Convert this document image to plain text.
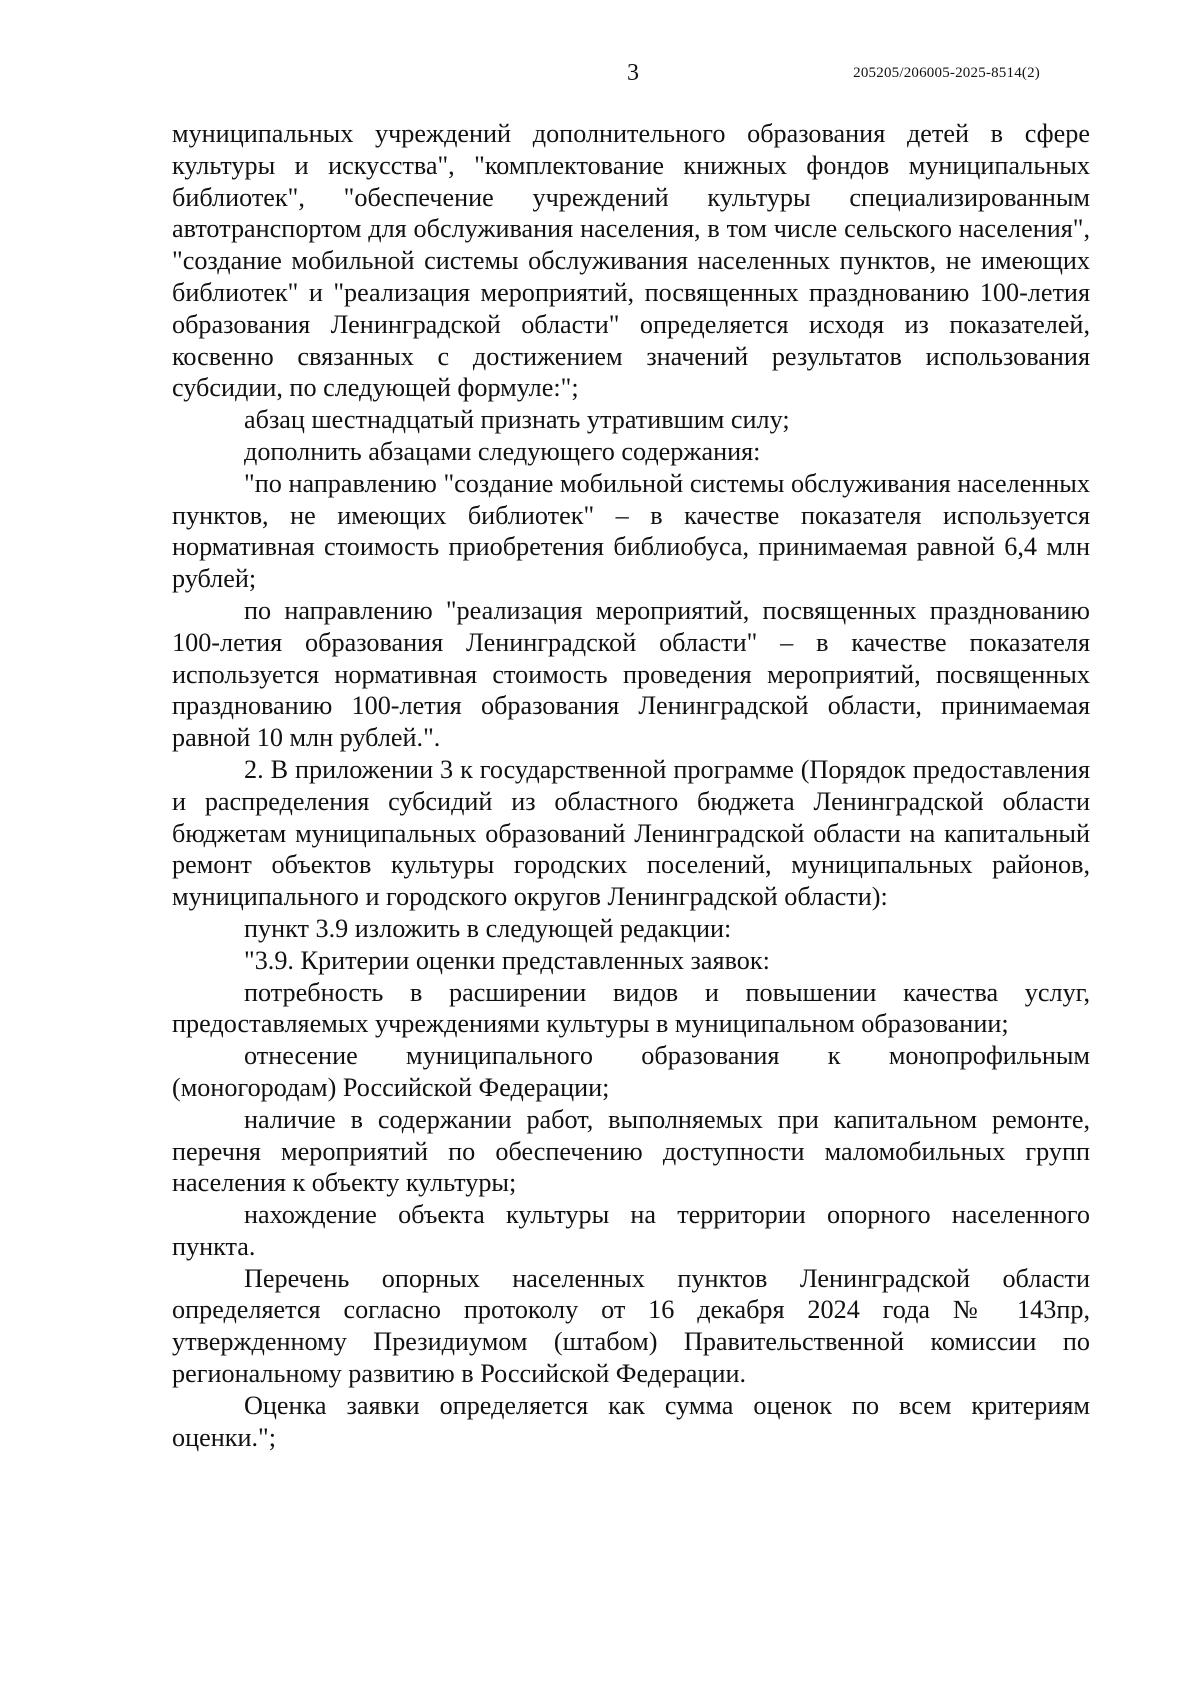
3	205205/206005-2025-8514(2)

муниципальных учреждений дополнительного образования детей в сфере культуры и искусства", "комплектование книжных фондов муниципальных библиотек", "обеспечение учреждений культуры специализированным автотранспортом для обслуживания населения, в том числе сельского населения", "создание мобильной системы обслуживания населенных пунктов, не имеющих библиотек" и "реализация мероприятий, посвященных празднованию 100-летия образования Ленинградской области" определяется исходя из показателей, косвенно связанных с достижением значений результатов использования субсидии, по следующей формуле:";

абзац шестнадцатый признать утратившим силу;

дополнить абзацами следующего содержания:

"по направлению "создание мобильной системы обслуживания населенных пунктов, не имеющих библиотек" – в качестве показателя используется нормативная стоимость приобретения библиобуса, принимаемая равной 6,4 млн рублей;

по направлению "реализация мероприятий, посвященных празднованию 100-летия образования Ленинградской области" – в качестве показателя используется нормативная стоимость проведения мероприятий, посвященных празднованию 100-летия образования Ленинградской области, принимаемая равной 10 млн рублей.".

2. В приложении 3 к государственной программе (Порядок предоставления и распределения субсидий из областного бюджета Ленинградской области бюджетам муниципальных образований Ленинградской области на капитальный ремонт объектов культуры городских поселений, муниципальных районов, муниципального и городского округов Ленинградской области):

пункт 3.9 изложить в следующей редакции:

"3.9. Критерии оценки представленных заявок:

потребность в расширении видов и повышении качества услуг, предоставляемых учреждениями культуры в муниципальном образовании;

отнесение муниципального образования к монопрофильным (моногородам) Российской Федерации;

наличие в содержании работ, выполняемых при капитальном ремонте, перечня мероприятий по обеспечению доступности маломобильных групп населения к объекту культуры;

нахождение объекта культуры на территории опорного населенного пункта.

Перечень опорных населенных пунктов Ленинградской области определяется согласно протоколу от 16 декабря 2024 года № 143пр, утвержденному Президиумом (штабом) Правительственной комиссии по региональному развитию в Российской Федерации.

Оценка заявки определяется как сумма оценок по всем критериям оценки.";
